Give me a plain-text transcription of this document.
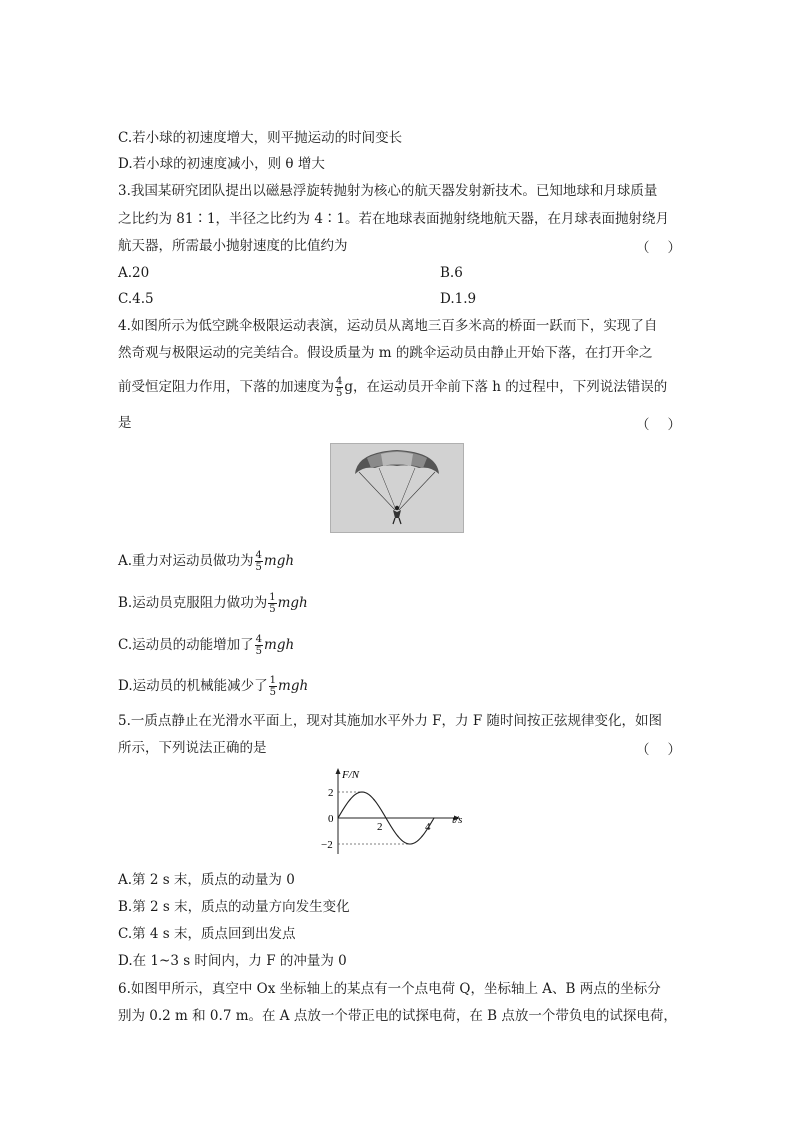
C.若小球的初速度增大，则平抛运动的时间变长
D.若小球的初速度减小，则 θ 增大
3.我国某研究团队提出以磁悬浮旋转抛射为核心的航天器发射新技术。已知地球和月球质量
之比约为 81∶1，半径之比约为 4∶1。若在地球表面抛射绕地航天器，在月球表面抛射绕月
航天器，所需最小抛射速度的比值约为	（）
A.20	B.6
C.4.5	D.1.9
4.如图所示为低空跳伞极限运动表演，运动员从离地三百多米高的桥面一跃而下，实现了自
然奇观与极限运动的完美结合。假设质量为 m 的跳伞运动员由静止开始下落，在打开伞之
前受恒定阻力作用，下落的加速度为 $\frac{4}{5}$ g，在运动员开伞前下落 h 的过程中，下列说法错误的
是	（）
A.重力对运动员做功为 $\frac{4}{5}$ mgh
B.运动员克服阻力做功为 $\frac{1}{5}$ mgh
C.运动员的动能增加了 $\frac{4}{5}$ mgh
D.运动员的机械能减少了 $\frac{1}{5}$ mgh
5.一质点静止在光滑水平面上，现对其施加水平外力 F，力 F 随时间按正弦规律变化，如图
所示，下列说法正确的是	（）
F/N
t/s
2
0
−2
2	4
A.第 2 s 末，质点的动量为 0
B.第 2 s 末，质点的动量方向发生变化
C.第 4 s 末，质点回到出发点
D.在 1~3 s 时间内，力 F 的冲量为 0
6.如图甲所示，真空中 Ox 坐标轴上的某点有一个点电荷 Q，坐标轴上 A、B 两点的坐标分
别为 0.2 m 和 0.7 m。在 A 点放一个带正电的试探电荷，在 B 点放一个带负电的试探电荷，
